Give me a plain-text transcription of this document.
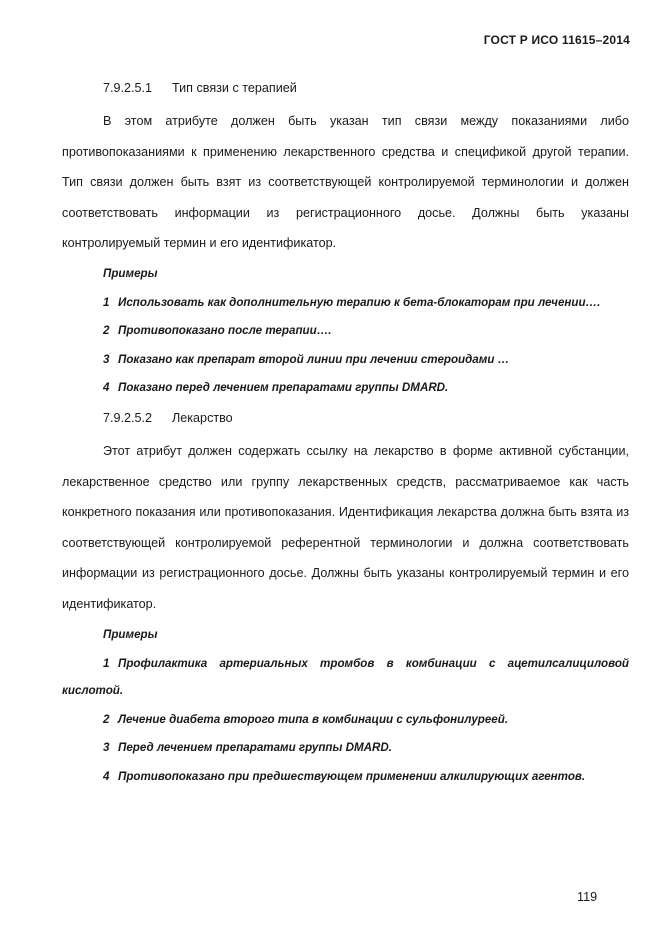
ГОСТ Р ИСО 11615–2014
7.9.2.5.1 Тип связи с терапией

В этом атрибуте должен быть указан тип связи между показаниями либо противопоказаниями к применению лекарственного средства и спецификой другой терапии. Тип связи должен быть взят из соответствующей контролируемой терминологии и должен соответствовать информации из регистрационного досье. Должны быть указаны контролируемый термин и его идентификатор.

Примеры

1 Использовать как дополнительную терапию к бета-блокаторам при лечении….

2 Противопоказано после терапии….

3 Показано как препарат второй линии при лечении стероидами …

4 Показано перед лечением препаратами группы DMARD.

7.9.2.5.2 Лекарство

Этот атрибут должен содержать ссылку на лекарство в форме активной субстанции, лекарственное средство или группу лекарственных средств, рассматриваемое как часть конкретного показания или противопоказания. Идентификация лекарства должна быть взята из соответствующей контролируемой референтной терминологии и должна соответствовать информации из регистрационного досье. Должны быть указаны контролируемый термин и его идентификатор.

Примеры

1 Профилактика артериальных тромбов в комбинации с ацетилсалициловой кислотой.

2 Лечение диабета второго типа в комбинации с сульфонилуреей.

3 Перед лечением препаратами группы DMARD.

4 Противопоказано при предшествующем применении алкилирующих агентов.

119
